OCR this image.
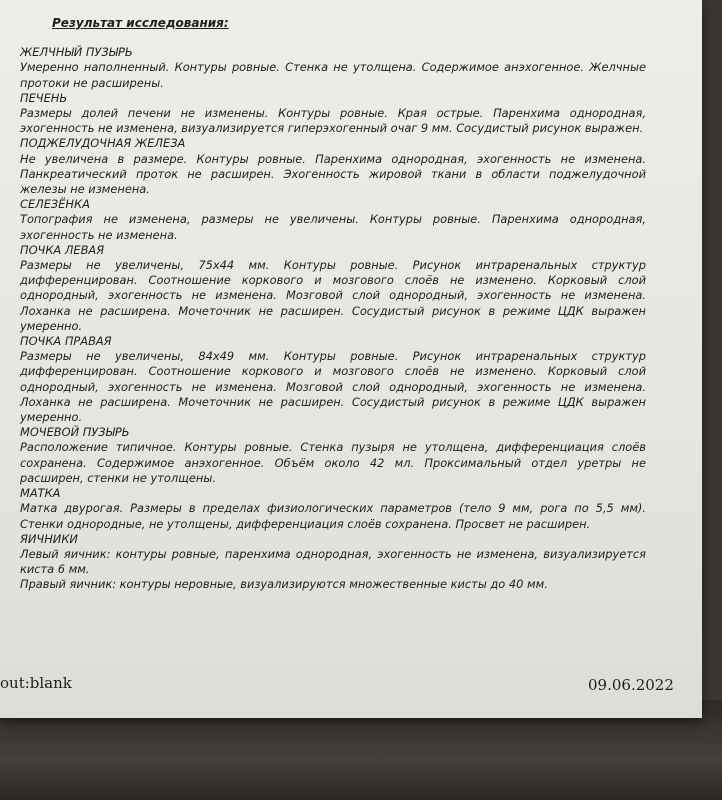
Результат исследования:
ЖЕЛЧНЫЙ ПУЗЫРЬ
Умеренно наполненный. Контуры ровные. Стенка не утолщена. Содержимое анэхогенное. Желчные протоки не расширены.
ПЕЧЕНЬ
Размеры долей печени не изменены. Контуры ровные. Края острые. Паренхима однородная, эхогенность не изменена, визуализируется гиперэхогенный очаг 9 мм. Сосудистый рисунок выражен.
ПОДЖЕЛУДОЧНАЯ ЖЕЛЕЗА
Не увеличена в размере. Контуры ровные. Паренхима однородная, эхогенность не изменена. Панкреатический проток не расширен. Эхогенность жировой ткани в области поджелудочной железы не изменена.
СЕЛЕЗЁНКА
Топография не изменена, размеры не увеличены. Контуры ровные. Паренхима однородная, эхогенность не изменена.
ПОЧКА ЛЕВАЯ
Размеры не увеличены, 75x44 мм. Контуры ровные. Рисунок интраренальных структур дифференцирован. Соотношение коркового и мозгового слоёв не изменено. Корковый слой однородный, эхогенность не изменена. Мозговой слой однородный, эхогенность не изменена. Лоханка не расширена. Мочеточник не расширен. Сосудистый рисунок в режиме ЦДК выражен умеренно.
ПОЧКА ПРАВАЯ
Размеры не увеличены, 84x49 мм. Контуры ровные. Рисунок интраренальных структур дифференцирован. Соотношение коркового и мозгового слоёв не изменено. Корковый слой однородный, эхогенность не изменена. Мозговой слой однородный, эхогенность не изменена. Лоханка не расширена. Мочеточник не расширен. Сосудистый рисунок в режиме ЦДК выражен умеренно.
МОЧЕВОЙ ПУЗЫРЬ
Расположение типичное. Контуры ровные. Стенка пузыря не утолщена, дифференциация слоёв сохранена. Содержимое анэхогенное. Объём около 42 мл. Проксимальный отдел уретры не расширен, стенки не утолщены.
МАТКА
Матка двурогая. Размеры в пределах физиологических параметров (тело 9 мм, рога по 5,5 мм). Стенки однородные, не утолщены, дифференциация слоёв сохранена. Просвет не расширен.
ЯИЧНИКИ
Левый яичник: контуры ровные, паренхима однородная, эхогенность не изменена, визуализируется киста 6 мм.
Правый яичник: контуры неровные, визуализируются множественные кисты до 40 мм.
out:blank	09.06.2022
